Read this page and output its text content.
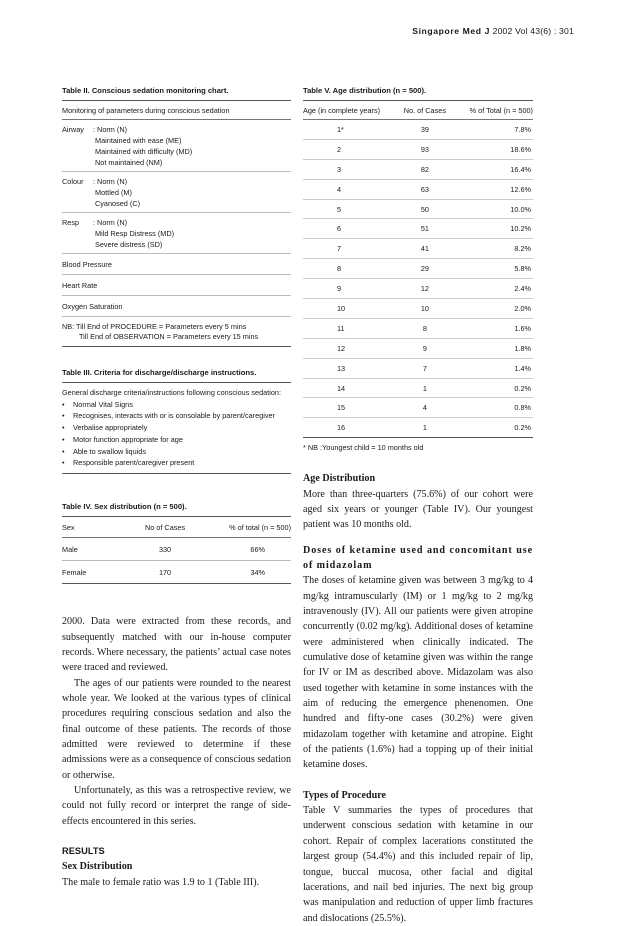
Singapore Med J 2002 Vol 43(6) : 301
Table II. Conscious sedation monitoring chart.
Monitoring of parameters during conscious sedation
Airway : Norm (N)
Maintained with ease (ME)
Maintained with difficulty (MD)
Not maintained (NM)
Colour : Norm (N)
Mottled (M)
Cyanosed (C)
Resp : Norm (N)
Mild Resp Distress (MD)
Severe distress (SD)
Blood Pressure
Heart Rate
Oxygen Saturation
NB: Till End of PROCEDURE = Parameters every 5 mins
Till End of OBSERVATION = Parameters every 15 mins
Table III. Criteria for discharge/discharge instructions.
General discharge criteria/instructions following conscious sedation:
• Normal Vital Signs
• Recognises, interacts with or is consolable by parent/caregiver
• Verbalise appropriately
• Motor function appropriate for age
• Able to swallow liquids
• Responsible parent/caregiver present
Table IV. Sex distribution (n = 500).
Sex	No of Cases	% of total (n = 500)
Male	330	66%
Female	170	34%

2000. Data were extracted from these records, and subsequently matched with our in-house computer records. Where necessary, the patients’ actual case notes were traced and reviewed.

The ages of our patients were rounded to the nearest whole year. We looked at the various types of clinical procedures requiring conscious sedation and also the final outcome of these patients. The records of those admitted were reviewed to determine if these admissions were as a consequence of conscious sedation or otherwise.

Unfortunately, as this was a retrospective review, we could not fully record or interpret the range of side-effects encountered in this series.

RESULTS

Sex Distribution

The male to female ratio was 1.9 to 1 (Table III).

Table V. Age distribution (n = 500).
Age (in complete years)	No. of Cases	% of Total (n = 500)
1*	39	7.8%
2	93	18.6%
3	82	16.4%
4	63	12.6%
5	50	10.0%
6	51	10.2%
7	41	8.2%
8	29	5.8%
9	12	2.4%
10	10	2.0%
11	8	1.6%
12	9	1.8%
13	7	1.4%
14	1	0.2%
15	4	0.8%
16	1	0.2%
* NB :Youngest child = 10 months old

Age Distribution

More than three-quarters (75.6%) of our cohort were aged six years or younger (Table IV). Our youngest patient was 10 months old.

Doses of ketamine used and concomitant use of midazolam

The doses of ketamine given was between 3 mg/kg to 4 mg/kg intramuscularly (IM) or 1 mg/kg to 2 mg/kg intravenously (IV). All our patients were given atropine concurrently (0.02 mg/kg). Additional doses of ketamine were administered when clinically indicated. The cumulative dose of ketamine given was within the range for IV or IM as described above. Midazolam was also used together with ketamine in some instances with the aim of reducing the emergence phenenomen. One hundred and fifty-one cases (30.2%) were given midazolam together with ketamine and atropine. Eight of the patients (1.6%) had a topping up of their initial ketamine doses.

Types of Procedure

Table V summaries the types of procedures that underwent conscious sedation with ketamine in our cohort. Repair of complex lacerations constituted the largest group (54.4%) and this included repair of lip, tongue, buccal mucosa, other facial and digital lacerations, and nail bed injuries. The next big group was manipulation and reduction of upper limb fractures and dislocations (25.5%).
